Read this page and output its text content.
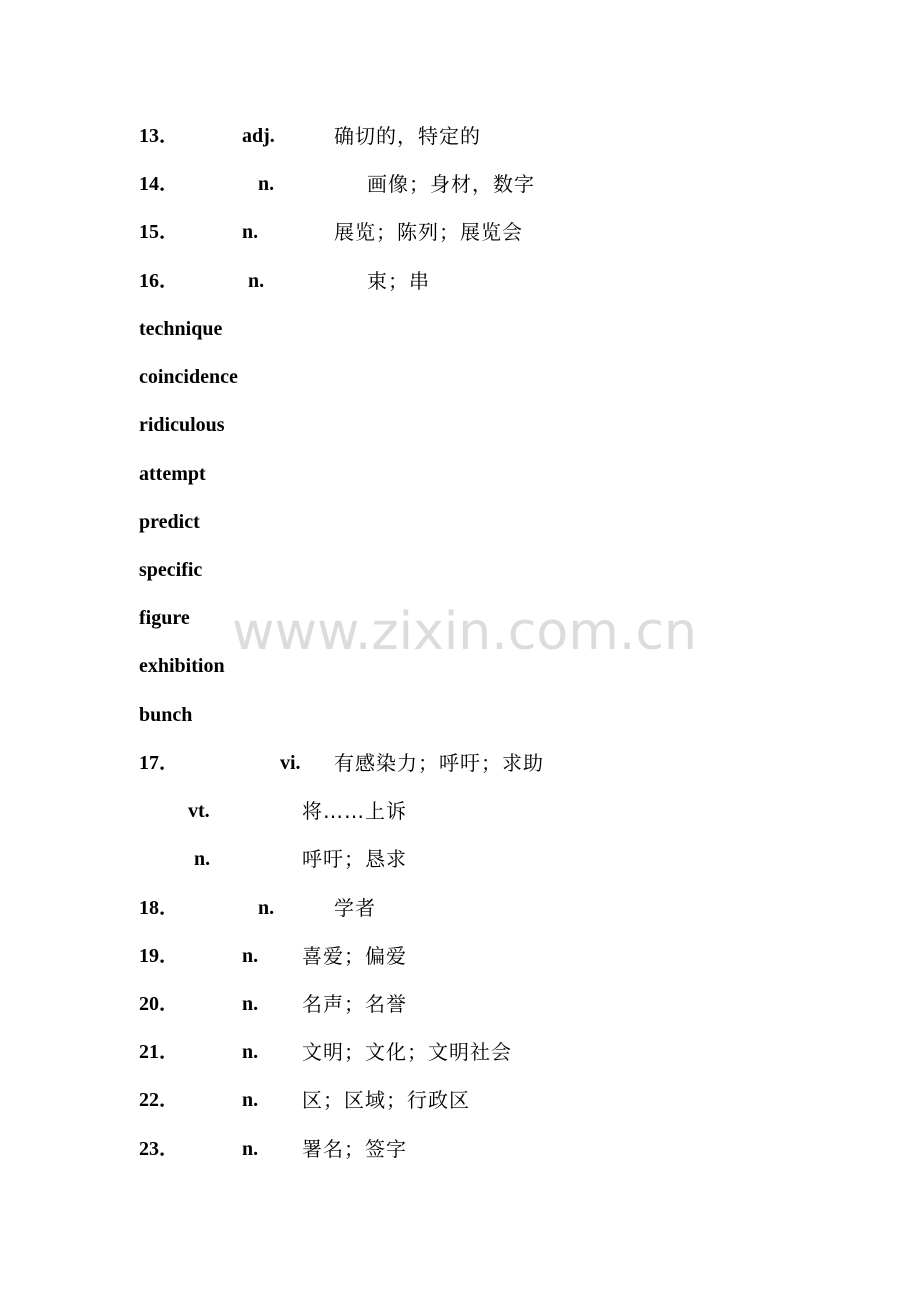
13．	adj.	确切的，特定的
14．	n.	画像；身材，数字
15．	n.	展览；陈列；展览会
16．	n.	束；串
technique
coincidence
ridiculous
attempt
predict
specific
figure
exhibition
bunch
17．	vi. 有感染力；呼吁；求助
vt.	将……上诉
n.	呼吁；恳求
18．	n.	学者
19．	n. 喜爱；偏爱
20．	n. 名声；名誉
21．	n. 文明；文化；文明社会
22．	n. 区；区域；行政区
23．	n. 署名；签字
www.zixin.com.cn
